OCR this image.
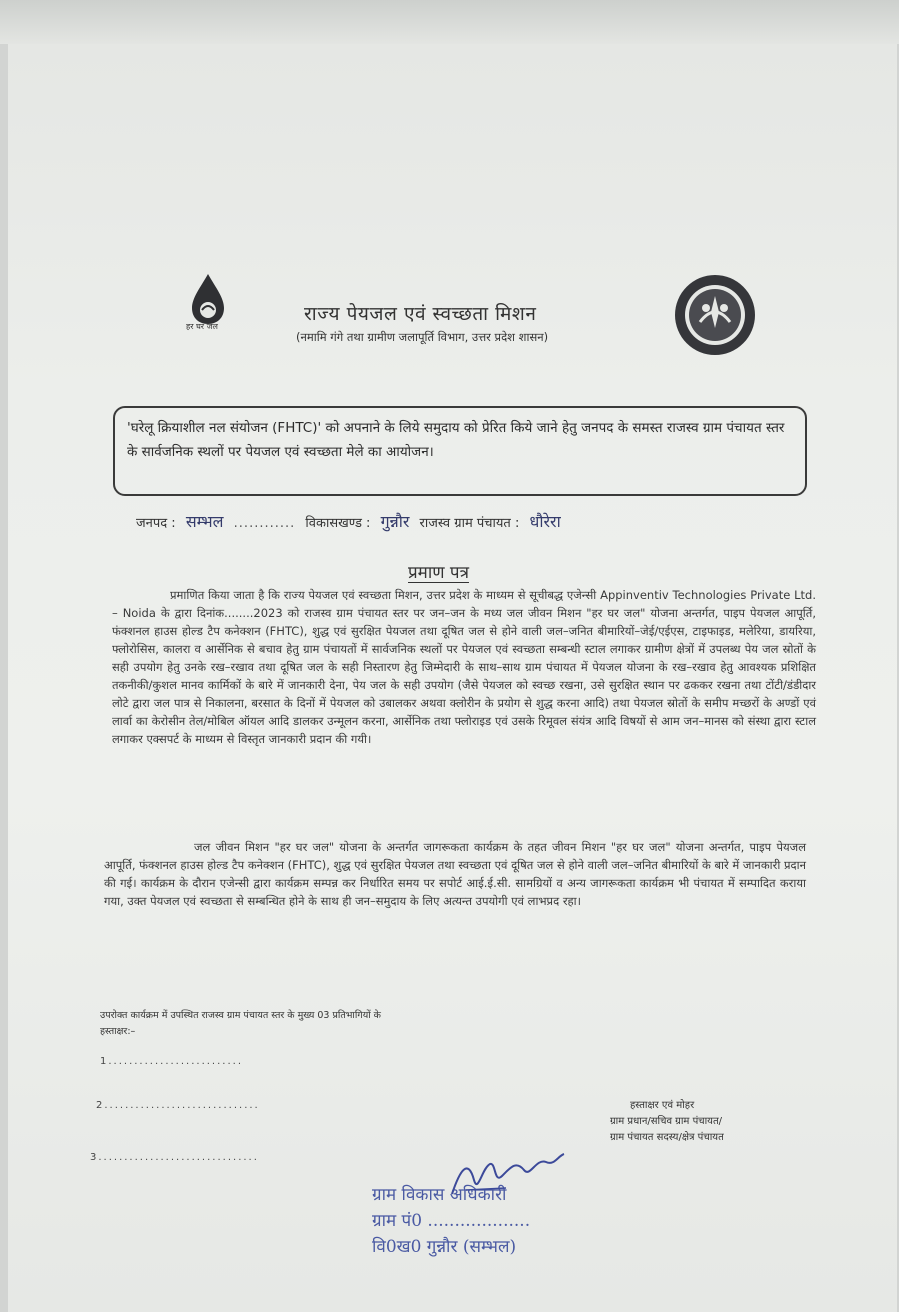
हर घर जल
राज्य पेयजल एवं स्वच्छता मिशन
(नमामि गंगे तथा ग्रामीण जलापूर्ति विभाग, उत्तर प्रदेश शासन)
'घरेलू क्रियाशील नल संयोजन (FHTC)' को अपनाने के लिये समुदाय को प्रेरित किये जाने हेतु जनपद के समस्त राजस्व ग्राम पंचायत स्तर के सार्वजनिक स्थलों पर पेयजल एवं स्वच्छता मेले का आयोजन।
जनपद : सम्भल ............ विकासखण्ड : गुन्नौर राजस्व ग्राम पंचायत : धौरेरा
प्रमाण पत्र
प्रमाणित किया जाता है कि राज्य पेयजल एवं स्वच्छता मिशन, उत्तर प्रदेश के माध्यम से सूचीबद्ध एजेन्सी Appinventiv Technologies Private Ltd. – Noida के द्वारा दिनांक........2023 को राजस्व ग्राम पंचायत स्तर पर जन–जन के मध्य जल जीवन मिशन "हर घर जल" योजना अन्तर्गत, पाइप पेयजल आपूर्ति, फंक्शनल हाउस होल्ड टैप कनेक्शन (FHTC), शुद्ध एवं सुरक्षित पेयजल तथा दूषित जल से होने वाली जल–जनित बीमारियों–जेई/एईएस, टाइफाइड, मलेरिया, डायरिया, फ्लोरोसिस, कालरा व आर्सेनिक से बचाव हेतु ग्राम पंचायतों में सार्वजनिक स्थलों पर पेयजल एवं स्वच्छता सम्बन्धी स्टाल लगाकर ग्रामीण क्षेत्रों में उपलब्ध पेय जल स्रोतों के सही उपयोग हेतु उनके रख–रखाव तथा दूषित जल के सही निस्तारण हेतु जिम्मेदारी के साथ–साथ ग्राम पंचायत में पेयजल योजना के रख–रखाव हेतु आवश्यक प्रशिक्षित तकनीकी/कुशल मानव कार्मिकों के बारे में जानकारी देना, पेय जल के सही उपयोग (जैसे पेयजल को स्वच्छ रखना, उसे सुरक्षित स्थान पर ढककर रखना तथा टोंटी/डंडीदार लोटे द्वारा जल पात्र से निकालना, बरसात के दिनों में पेयजल को उबालकर अथवा क्लोरीन के प्रयोग से शुद्ध करना आदि) तथा पेयजल स्रोतों के समीप मच्छरों के अण्डों एवं लार्वा का केरोसीन तेल/मोबिल ऑयल आदि डालकर उन्मूलन करना, आर्सेनिक तथा फ्लोराइड एवं उसके रिमूवल संयंत्र आदि विषयों से आम जन–मानस को संस्था द्वारा स्टाल लगाकर एक्सपर्ट के माध्यम से विस्तृत जानकारी प्रदान की गयी।
जल जीवन मिशन "हर घर जल" योजना के अन्तर्गत जागरूकता कार्यक्रम के तहत जीवन मिशन "हर घर जल" योजना अन्तर्गत, पाइप पेयजल आपूर्ति, फंक्शनल हाउस होल्ड टैप कनेक्शन (FHTC), शुद्ध एवं सुरक्षित पेयजल तथा स्वच्छता एवं दूषित जल से होने वाली जल–जनित बीमारियों के बारे में जानकारी प्रदान की गई। कार्यक्रम के दौरान एजेन्सी द्वारा कार्यक्रम सम्पन्न कर निर्धारित समय पर सपोर्ट आई.ई.सी. सामग्रियों व अन्य जागरूकता कार्यक्रम भी पंचायत में सम्पादित कराया गया, उक्त पेयजल एवं स्वच्छता से सम्बन्धित होने के साथ ही जन–समुदाय के लिए अत्यन्त उपयोगी एवं लाभप्रद रहा।
उपरोक्त कार्यक्रम में उपस्थित राजस्व ग्राम पंचायत स्तर के मुख्य 03 प्रतिभागियों के
हस्ताक्षर:–
1..........................
2..............................
3...............................
हस्ताक्षर एवं मोहर
ग्राम प्रधान/सचिव ग्राम पंचायत/
ग्राम पंचायत सदस्य/क्षेत्र पंचायत
ग्राम विकास अधिकारी
ग्राम पं0 ...................
वि0ख0 गुन्नौर (सम्भल)
